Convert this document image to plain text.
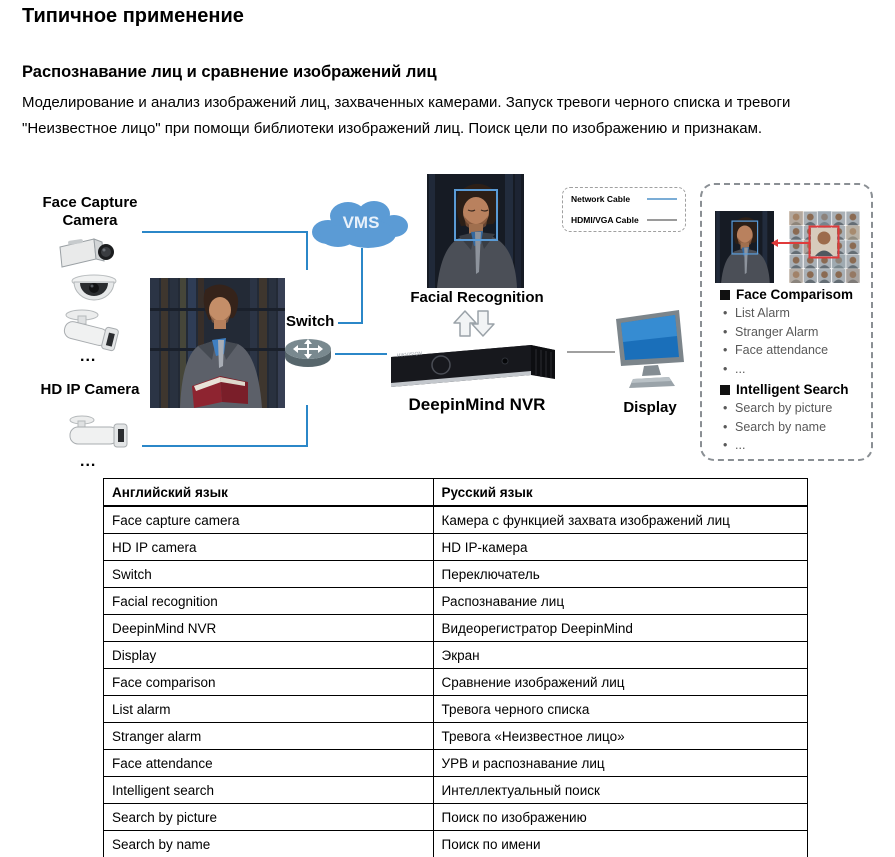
Типичное применение
Распознавание лиц и сравнение изображений лиц
Моделирование и анализ изображений лиц, захваченных камерами. Запуск тревоги черного списка и тревоги "Неизвестное лицо" при помощи библиотеки изображений лиц. Поиск цели по изображению и признакам.
Face Capture Camera
...
HD IP Camera
...
VMS
Switch
Facial Recognition
HIKVISION
DeepinMind NVR	Display
Network Cable
HDMI/VGA Cable
Face Comparisom
• List Alarm
• Stranger Alarm
• Face attendance
• ...
Intelligent Search
• Search by picture
• Search by name
• ...
Английский язык	Русский язык
Face capture camera	Камера с функцией захвата изображений лиц
HD IP camera	HD IP-камера
Switch	Переключатель
Facial recognition	Распознавание лиц
DeepinMind NVR	Видеорегистратор DeepinMind
Display	Экран
Face comparison	Сравнение изображений лиц
List alarm	Тревога черного списка
Stranger alarm	Тревога «Неизвестное лицо»
Face attendance	УРВ и распознавание лиц
Intelligent search	Интеллектуальный поиск
Search by picture	Поиск по изображению
Search by name	Поиск по имени
